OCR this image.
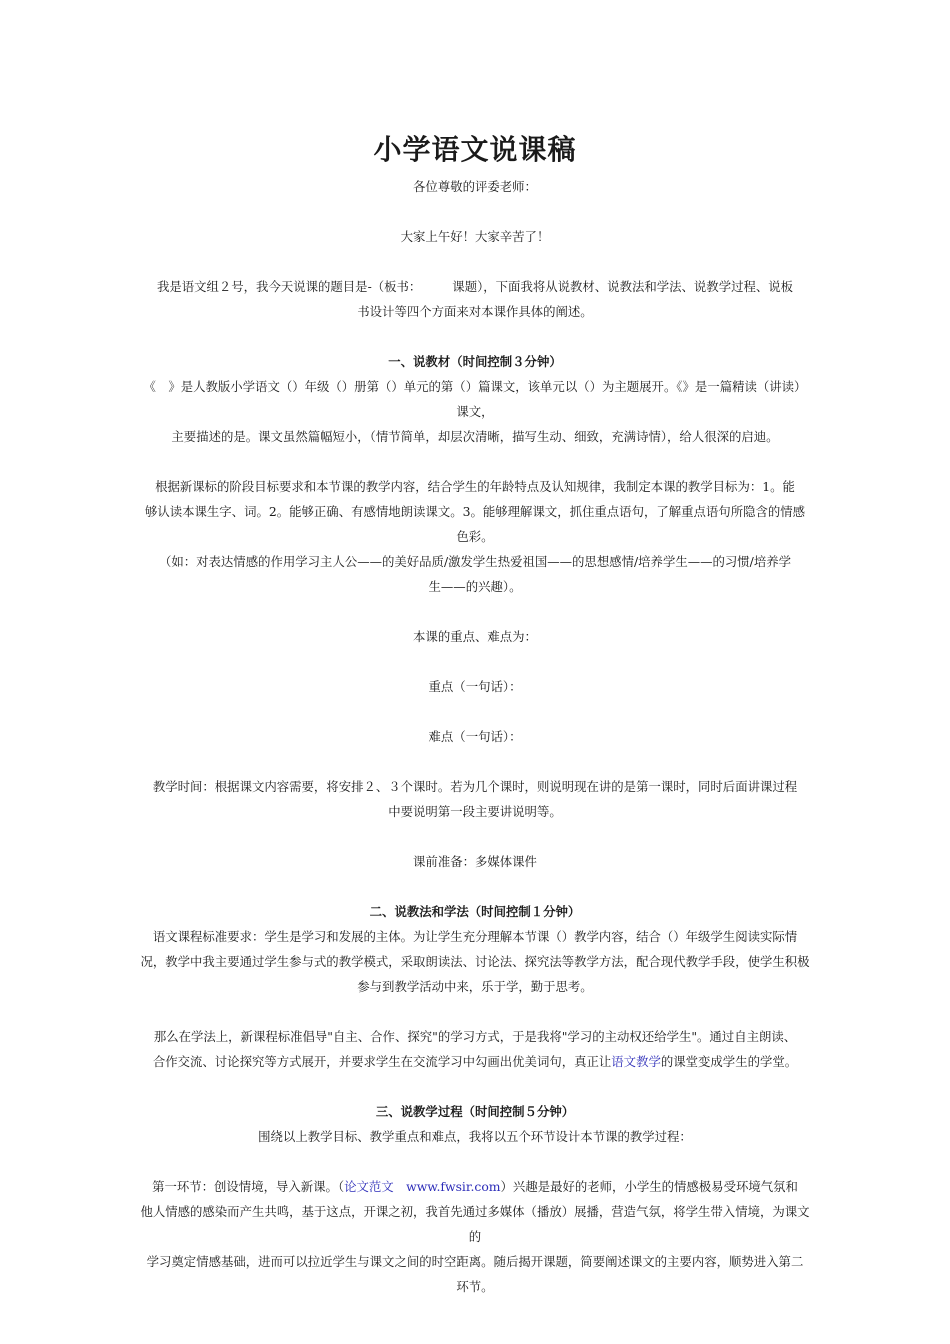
小学语文说课稿

各位尊敬的评委老师：

大家上午好！大家辛苦了！

我是语文组２号，我今天说课的题目是-（板书：　　　课题），下面我将从说教材、说教法和学法、说教学过程、说板

书设计等四个方面来对本课作具体的阐述。

一、说教材（时间控制３分钟）

《　》是人教版小学语文（）年级（）册第（）单元的第（）篇课文，该单元以（）为主题展开。《》是一篇精读（讲读）课文，

主要描述的是。课文虽然篇幅短小，（情节简单，却层次清晰，描写生动、细致，充满诗情），给人很深的启迪。

根据新课标的阶段目标要求和本节课的教学内容，结合学生的年龄特点及认知规律，我制定本课的教学目标为：1。能

够认读本课生字、词。2。能够正确、有感情地朗读课文。3。能够理解课文，抓住重点语句，了解重点语句所隐含的情感色彩。

（如：对表达情感的作用学习主人公——的美好品质/激发学生热爱祖国——的思想感情/培养学生——的习惯/培养学

生——的兴趣）。

本课的重点、难点为：

重点（一句话）：

难点（一句话）：

教学时间：根据课文内容需要，将安排２、３个课时。若为几个课时，则说明现在讲的是第一课时，同时后面讲课过程

中要说明第一段主要讲说明等。

课前准备：多媒体课件

二、说教法和学法（时间控制１分钟）

语文课程标准要求：学生是学习和发展的主体。为让学生充分理解本节课（）教学内容，结合（）年级学生阅读实际情

况，教学中我主要通过学生参与式的教学模式，采取朗读法、讨论法、探究法等教学方法，配合现代教学手段，使学生积极

参与到教学活动中来，乐于学，勤于思考。

那么在学法上，新课程标准倡导"自主、合作、探究"的学习方式，于是我将"学习的主动权还给学生"。通过自主朗读、

合作交流、讨论探究等方式展开，并要求学生在交流学习中勾画出优美词句，真正让语文教学的课堂变成学生的学堂。

三、说教学过程（时间控制５分钟）

围绕以上教学目标、教学重点和难点，我将以五个环节设计本节课的教学过程：

第一环节：创设情境，导入新课。（论文范文　www.fwsir.com）兴趣是最好的老师，小学生的情感极易受环境气氛和

他人情感的感染而产生共鸣，基于这点，开课之初，我首先通过多媒体（播放）展播，营造气氛，将学生带入情境，为课文的

学习奠定情感基础，进而可以拉近学生与课文之间的时空距离。随后揭开课题，简要阐述课文的主要内容，顺势进入第二

环节。
